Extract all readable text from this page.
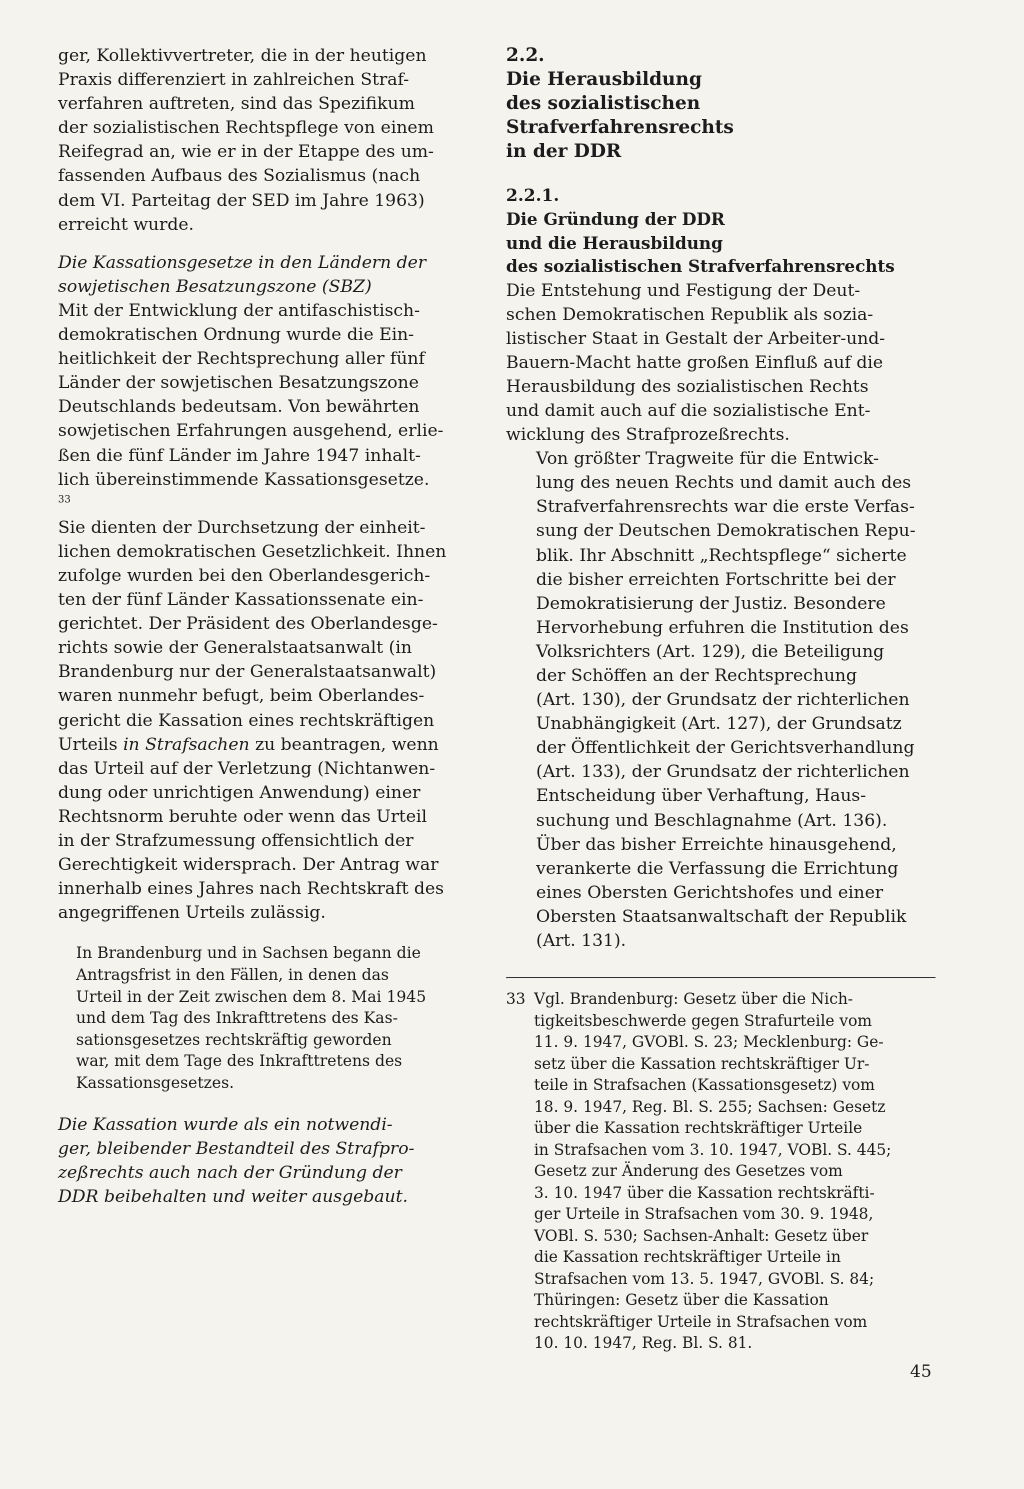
ger, Kollektivvertreter, die in der heutigen
Praxis differenziert in zahlreichen Straf-
verfahren auftreten, sind das Spezifikum
der sozialistischen Rechtspflege von einem
Reifegrad an, wie er in der Etappe des um-
fassenden Aufbaus des Sozialismus (nach
dem VI. Parteitag der SED im Jahre 1963)
erreicht wurde.

Die Kassationsgesetze in den Ländern der
sowjetischen Besatzungszone (SBZ)

Mit der Entwicklung der antifaschistisch-
demokratischen Ordnung wurde die Ein-
heitlichkeit der Rechtsprechung aller fünf
Länder der sowjetischen Besatzungszone
Deutschlands bedeutsam. Von bewährten
sowjetischen Erfahrungen ausgehend, erlie-
ßen die fünf Länder im Jahre 1947 inhalt-
lich übereinstimmende Kassationsgesetze.
$^{33}$
Sie dienten der Durchsetzung der einheit-
lichen demokratischen Gesetzlichkeit. Ihnen
zufolge wurden bei den Oberlandesgerich-
ten der fünf Länder Kassationssenate ein-
gerichtet. Der Präsident des Oberlandesge-
richts sowie der Generalstaatsanwalt (in
Brandenburg nur der Generalstaatsanwalt)
waren nunmehr befugt, beim Oberlandes-
gericht die Kassation eines rechtskräftigen
Urteils in Strafsachen zu beantragen, wenn
das Urteil auf der Verletzung (Nichtanwen-
dung oder unrichtigen Anwendung) einer
Rechtsnorm beruhte oder wenn das Urteil
in der Strafzumessung offensichtlich der
Gerechtigkeit widersprach. Der Antrag war
innerhalb eines Jahres nach Rechtskraft des
angegriffenen Urteils zulässig.

In Brandenburg und in Sachsen begann die
Antragsfrist in den Fällen, in denen das
Urteil in der Zeit zwischen dem 8. Mai 1945
und dem Tag des Inkrafttretens des Kas-
sationsgesetzes rechtskräftig geworden
war, mit dem Tage des Inkrafttretens des
Kassationsgesetzes.

Die Kassation wurde als ein notwendi-
ger, bleibender Bestandteil des Strafpro-
zeßrechts auch nach der Gründung der
DDR beibehalten und weiter ausgebaut.

2.2.

Die Herausbildung
des sozialistischen Strafverfahrensrechts
in der DDR

2.2.1.

Die Gründung der DDR
und die Herausbildung
des sozialistischen Strafverfahrensrechts

Die Entstehung und Festigung der Deut-
schen Demokratischen Republik als sozia-
listischer Staat in Gestalt der Arbeiter-und-
Bauern-Macht hatte großen Einfluß auf die
Herausbildung des sozialistischen Rechts
und damit auch auf die sozialistische Ent-
wicklung des Strafprozeßrechts.

Von größter Tragweite für die Entwick-
lung des neuen Rechts und damit auch des
Strafverfahrensrechts war die erste Verfas-
sung der Deutschen Demokratischen Repu-
blik. Ihr Abschnitt „Rechtspflege“ sicherte
die bisher erreichten Fortschritte bei der
Demokratisierung der Justiz. Besondere
Hervorhebung erfuhren die Institution des
Volksrichters (Art. 129), die Beteiligung
der Schöffen an der Rechtsprechung
(Art. 130), der Grundsatz der richterlichen
Unabhängigkeit (Art. 127), der Grundsatz
der Öffentlichkeit der Gerichtsverhandlung
(Art. 133), der Grundsatz der richterlichen
Entscheidung über Verhaftung, Haus-
suchung und Beschlagnahme (Art. 136).
Über das bisher Erreichte hinausgehend,
verankerte die Verfassung die Errichtung
eines Obersten Gerichtshofes und einer
Obersten Staatsanwaltschaft der Republik
(Art. 131).

33 Vgl. Brandenburg: Gesetz über die Nich-
tigkeitsbeschwerde gegen Strafurteile vom
11. 9. 1947, GVOBl. S. 23; Mecklenburg: Ge-
setz über die Kassation rechtskräftiger Ur-
teile in Strafsachen (Kassationsgesetz) vom
18. 9. 1947, Reg. Bl. S. 255; Sachsen: Gesetz
über die Kassation rechtskräftiger Urteile
in Strafsachen vom 3. 10. 1947, VOBl. S. 445;
Gesetz zur Änderung des Gesetzes vom
3. 10. 1947 über die Kassation rechtskräfti-
ger Urteile in Strafsachen vom 30. 9. 1948,
VOBl. S. 530; Sachsen-Anhalt: Gesetz über
die Kassation rechtskräftiger Urteile in
Strafsachen vom 13. 5. 1947, GVOBl. S. 84;
Thüringen: Gesetz über die Kassation
rechtskräftiger Urteile in Strafsachen vom
10. 10. 1947, Reg. Bl. S. 81.
45
